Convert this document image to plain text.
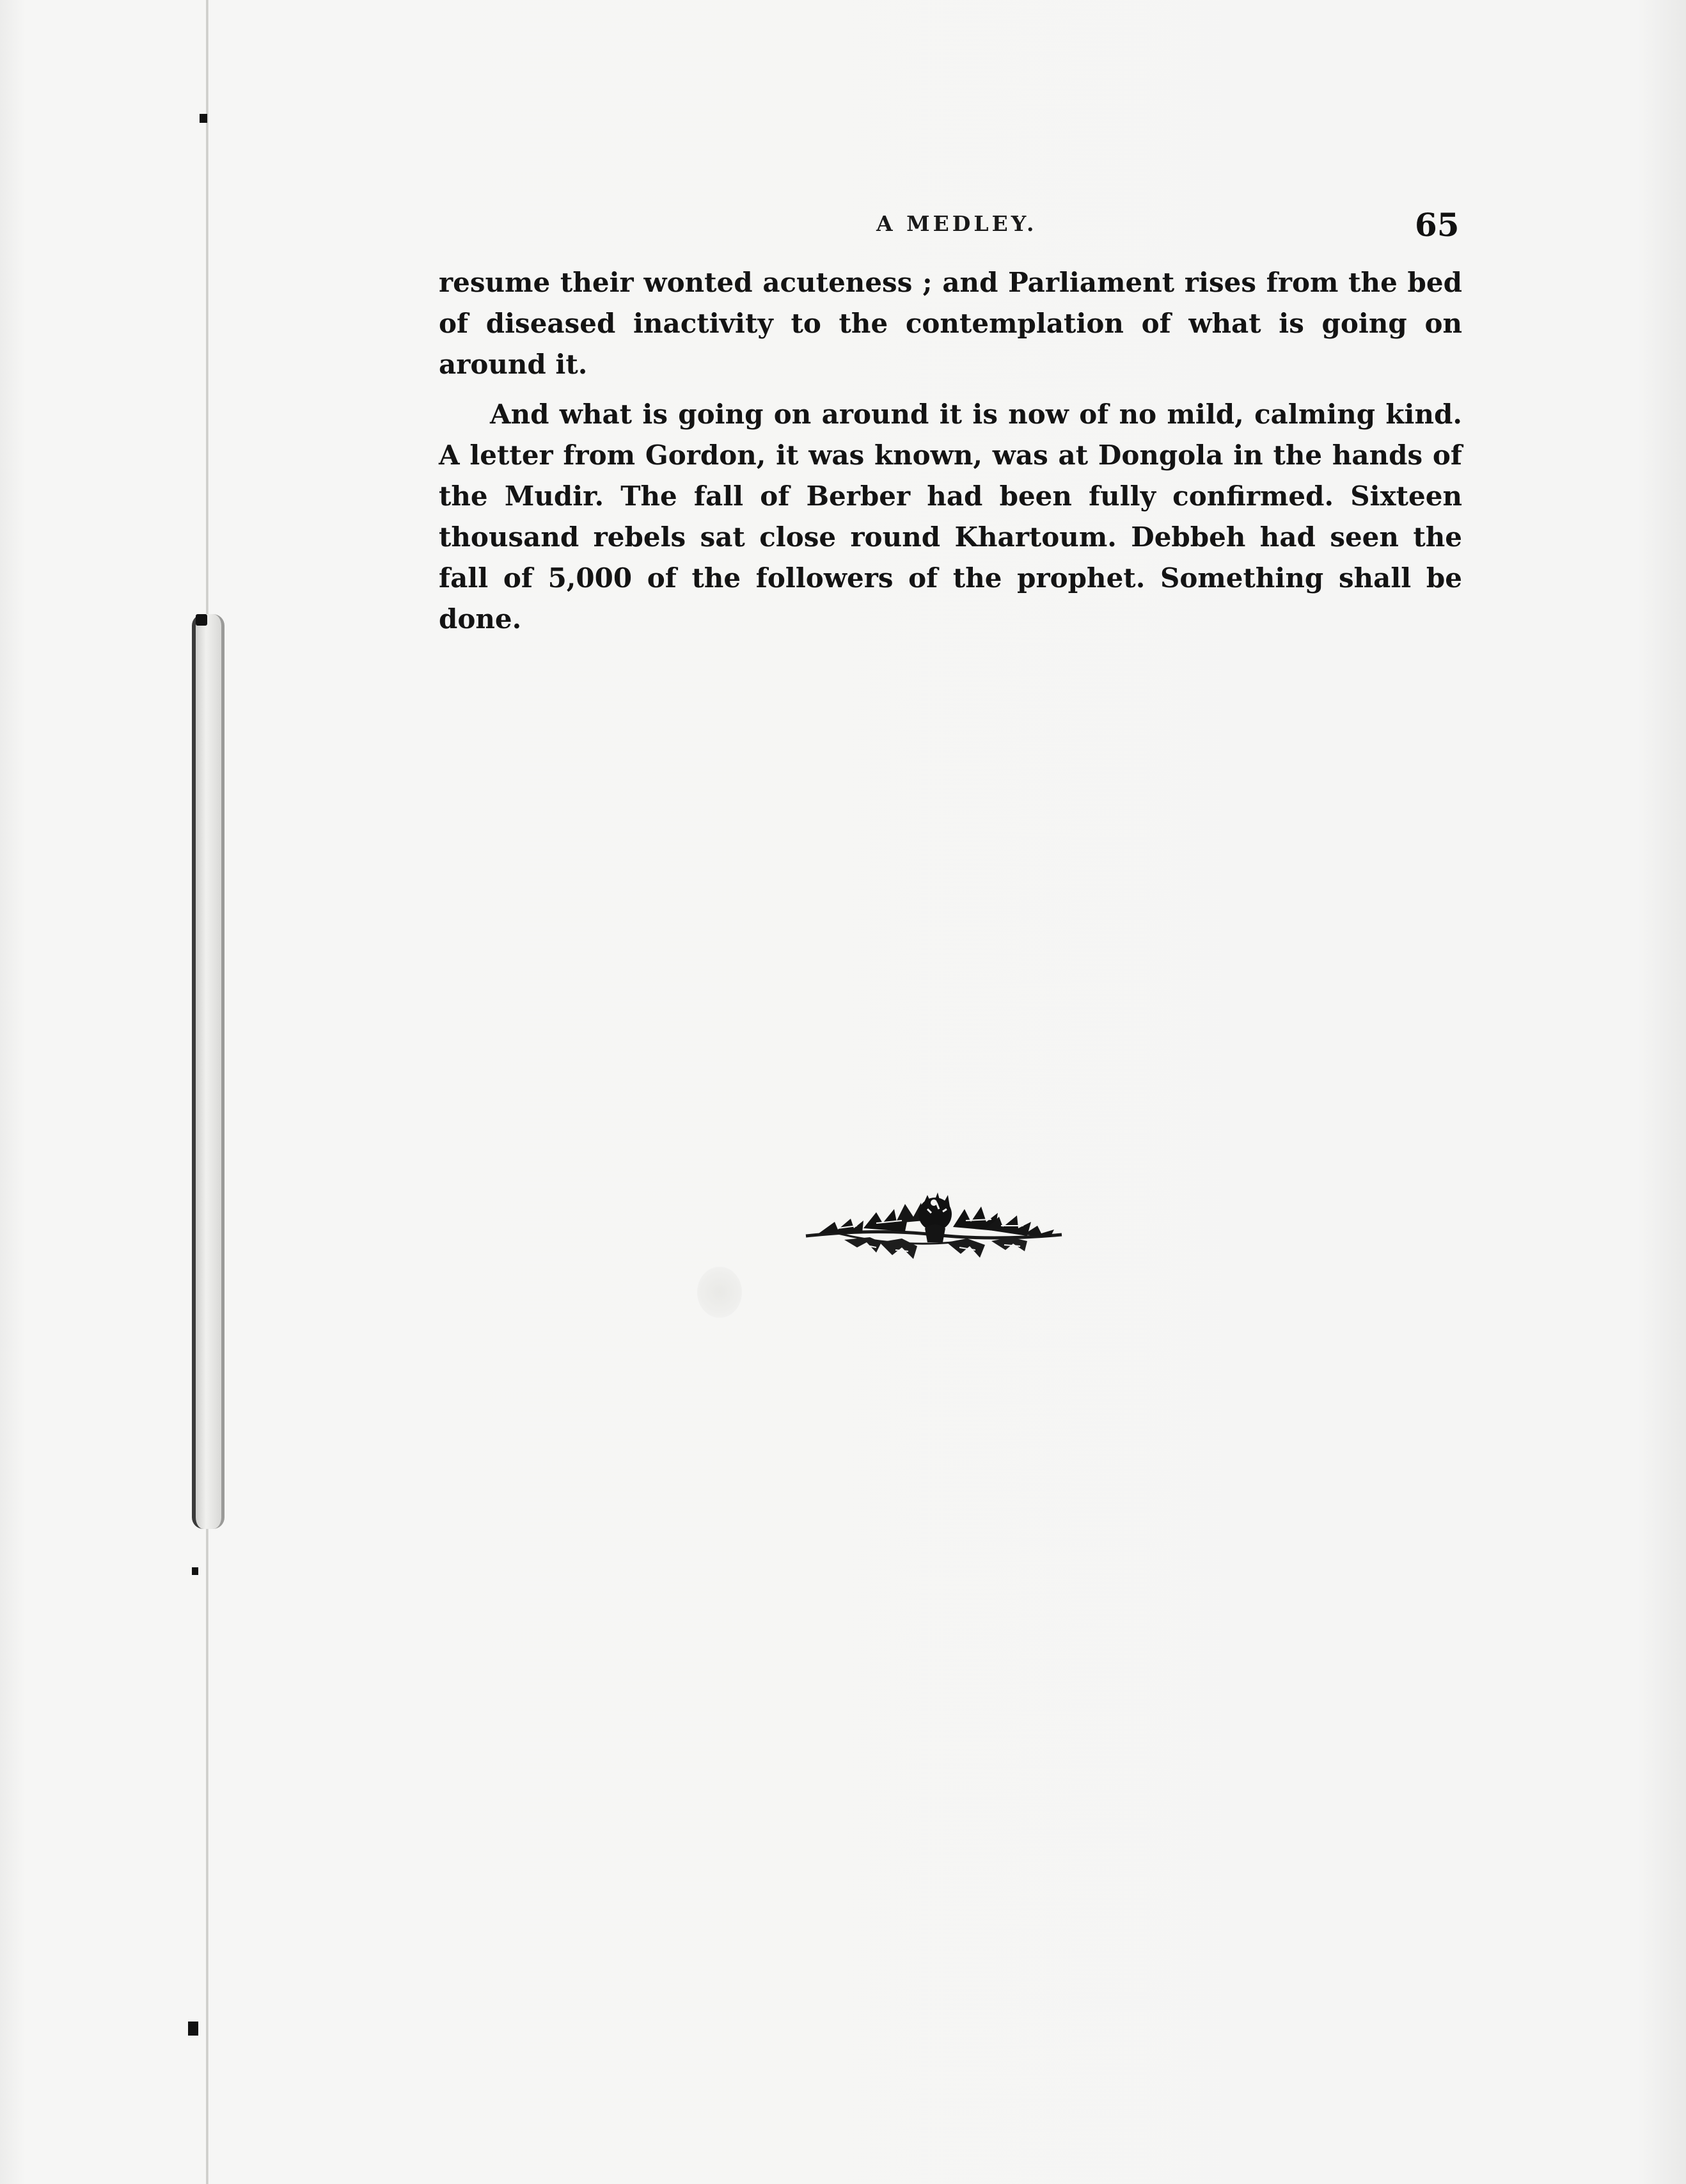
A MEDLEY.	65

resume their wonted acuteness ; and Parliament rises from the bed of diseased inactivity to the contemplation of what is going on around it.

And what is going on around it is now of no mild, calming kind. A letter from Gordon, it was known, was at Dongola in the hands of the Mudir. The fall of Berber had been fully confirmed. Sixteen thousand rebels sat close round Khartoum. Debbeh had seen the fall of 5,000 of the followers of the prophet. Something shall be done.
